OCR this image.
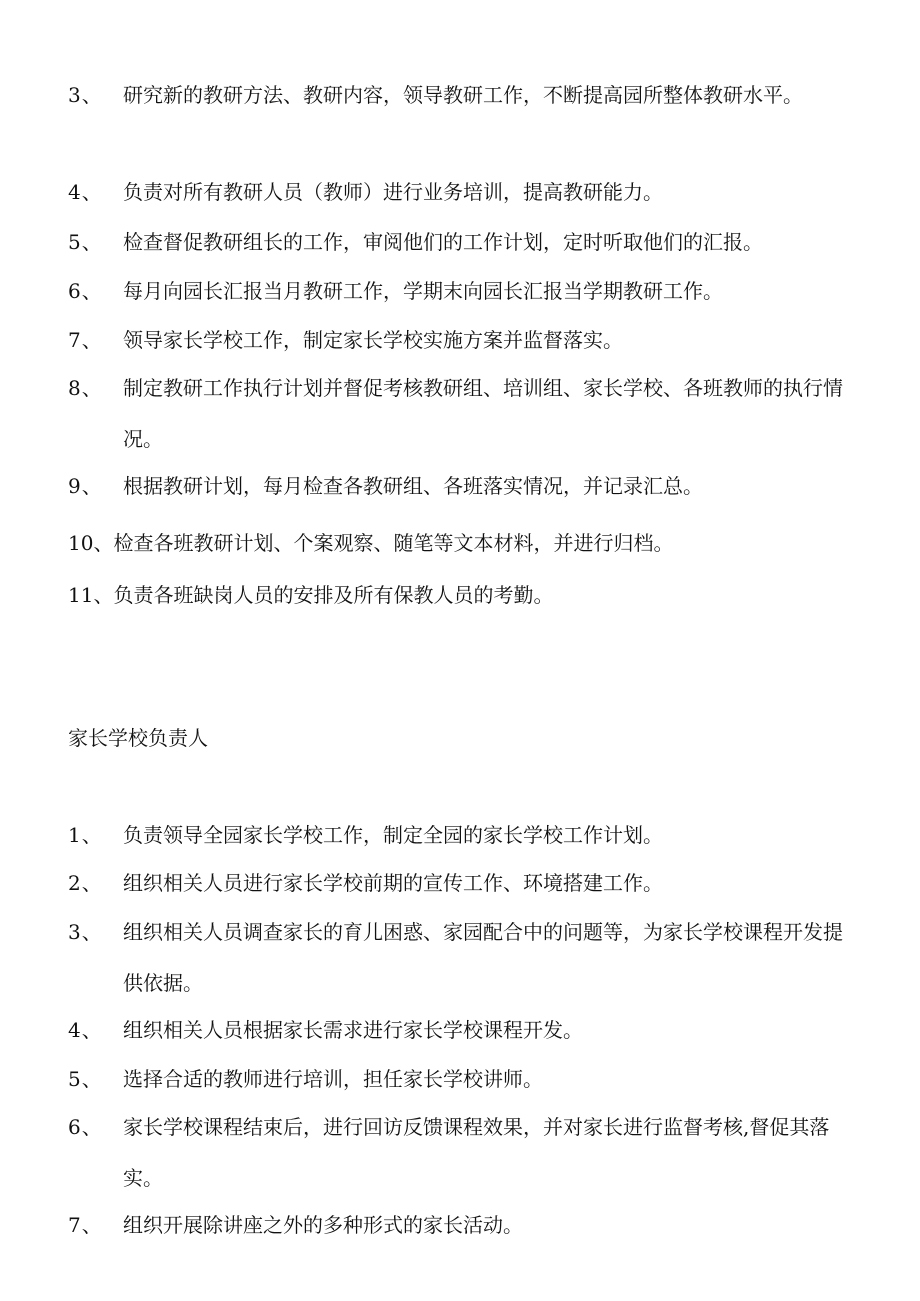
3、 研究新的教研方法、教研内容，领导教研工作，不断提高园所整体教研水平。
4、 负责对所有教研人员（教师）进行业务培训，提高教研能力。
5、 检查督促教研组长的工作，审阅他们的工作计划，定时听取他们的汇报。
6、 每月向园长汇报当月教研工作，学期末向园长汇报当学期教研工作。
7、 领导家长学校工作，制定家长学校实施方案并监督落实。
8、 制定教研工作执行计划并督促考核教研组、培训组、家长学校、各班教师的执行情况。
9、 根据教研计划，每月检查各教研组、各班落实情况，并记录汇总。
10、检查各班教研计划、个案观察、随笔等文本材料，并进行归档。
11、负责各班缺岗人员的安排及所有保教人员的考勤。
家长学校负责人
1、 负责领导全园家长学校工作，制定全园的家长学校工作计划。
2、 组织相关人员进行家长学校前期的宣传工作、环境搭建工作。
3、 组织相关人员调查家长的育儿困惑、家园配合中的问题等，为家长学校课程开发提供依据。
4、 组织相关人员根据家长需求进行家长学校课程开发。
5、 选择合适的教师进行培训，担任家长学校讲师。
6、 家长学校课程结束后，进行回访反馈课程效果，并对家长进行监督考核,督促其落实。
7、 组织开展除讲座之外的多种形式的家长活动。
